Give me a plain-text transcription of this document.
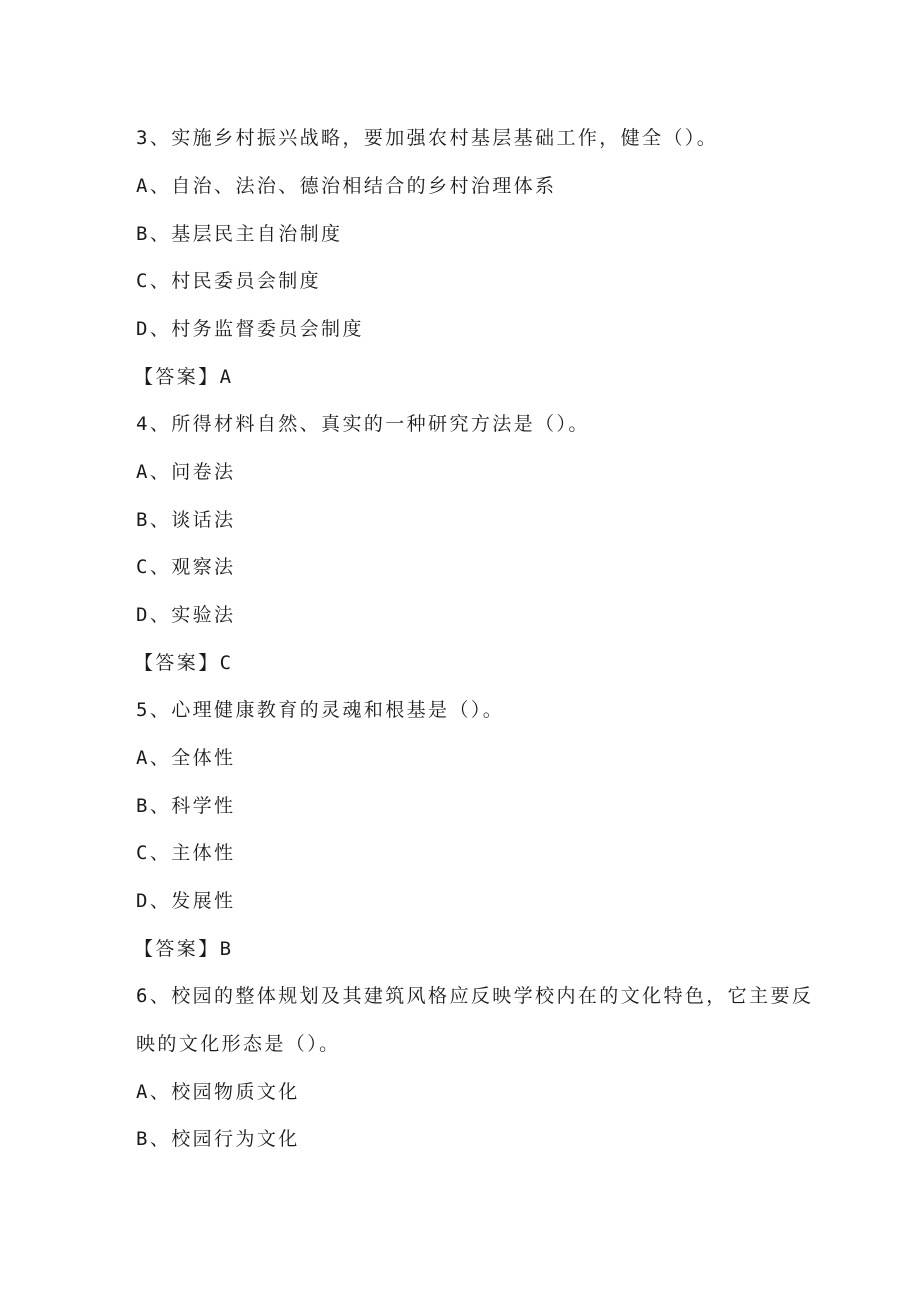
3、实施乡村振兴战略，要加强农村基层基础工作，健全（）。
A、自治、法治、德治相结合的乡村治理体系
B、基层民主自治制度
C、村民委员会制度
D、村务监督委员会制度
【答案】A
4、所得材料自然、真实的一种研究方法是（）。
A、问卷法
B、谈话法
C、观察法
D、实验法
【答案】C
5、心理健康教育的灵魂和根基是（）。
A、全体性
B、科学性
C、主体性
D、发展性
【答案】B
6、校园的整体规划及其建筑风格应反映学校内在的文化特色，它主要反
映的文化形态是（）。
A、校园物质文化
B、校园行为文化
